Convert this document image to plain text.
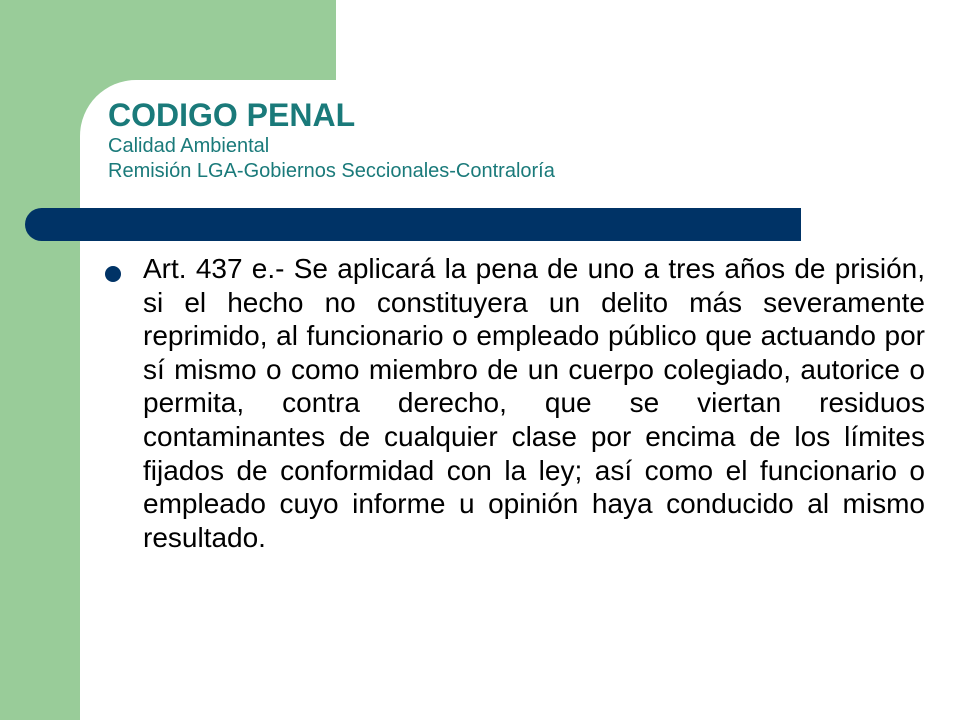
CODIGO PENAL

Calidad Ambiental

Remisión LGA-Gobiernos Seccionales-Contraloría

Art. 437 e.- Se aplicará la pena de uno a tres años de prisión, si el hecho no constituyera un delito más severamente reprimido, al funcionario o empleado público que actuando por sí mismo o como miembro de un cuerpo colegiado, autorice o permita, contra derecho, que se viertan residuos contaminantes de cualquier clase por encima de los límites fijados de conformidad con la ley; así como el funcionario o empleado cuyo informe u opinión haya conducido al mismo resultado.
